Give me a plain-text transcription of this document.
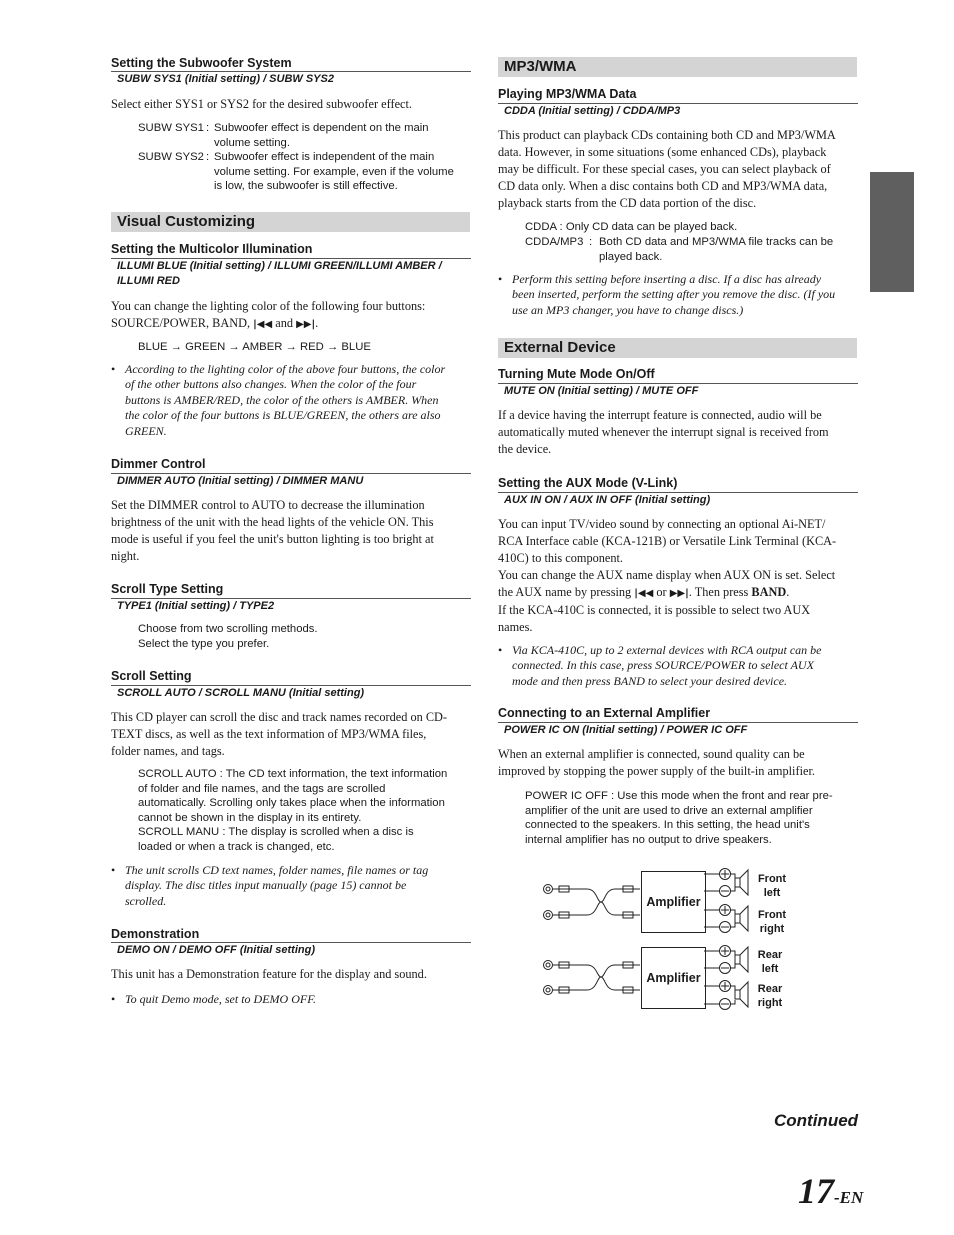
Setting the Subwoofer System
SUBW SYS1 (Initial setting) / SUBW SYS2
Select either SYS1 or SYS2 for the desired subwoofer effect.
SUBW SYS1 : Subwoofer effect is dependent on the main
volume setting.
SUBW SYS2 : Subwoofer effect is independent of the main
volume setting. For example, even if the volume
is low, the subwoofer is still effective.
Visual Customizing
Setting the Multicolor Illumination
ILLUMI BLUE (Initial setting) / ILLUMI GREEN/ILLUMI AMBER /
ILLUMI RED
You can change the lighting color of the following four buttons:
SOURCE/POWER, BAND, |◀◀ and ▶▶|.
BLUE → GREEN → AMBER → RED → BLUE
• According to the lighting color of the above four buttons, the color
of the other buttons also changes. When the color of the four
buttons is AMBER/RED, the color of the others is AMBER. When
the color of the four buttons is BLUE/GREEN, the others are also
GREEN.
Dimmer Control
DIMMER AUTO (Initial setting) / DIMMER MANU
Set the DIMMER control to AUTO to decrease the illumination
brightness of the unit with the head lights of the vehicle ON. This
mode is useful if you feel the unit's button lighting is too bright at
night.
Scroll Type Setting
TYPE1 (Initial setting) / TYPE2
Choose from two scrolling methods.
Select the type you prefer.
Scroll Setting
SCROLL AUTO / SCROLL MANU (Initial setting)
This CD player can scroll the disc and track names recorded on CD-
TEXT discs, as well as the text information of MP3/WMA files,
folder names, and tags.
SCROLL AUTO : The CD text information, the text information
of folder and file names, and the tags are scrolled
automatically. Scrolling only takes place when the information
cannot be shown in the display in its entirety.
SCROLL MANU : The display is scrolled when a disc is
loaded or when a track is changed, etc.
• The unit scrolls CD text names, folder names, file names or tag
display. The disc titles input manually (page 15) cannot be
scrolled.
Demonstration
DEMO ON / DEMO OFF (Initial setting)
This unit has a Demonstration feature for the display and sound.
• To quit Demo mode, set to DEMO OFF.
MP3/WMA
Playing MP3/WMA Data
CDDA (Initial setting) / CDDA/MP3
This product can playback CDs containing both CD and MP3/WMA
data. However, in some situations (some enhanced CDs), playback
may be difficult. For these special cases, you can select playback of
CD data only. When a disc contains both CD and MP3/WMA data,
playback starts from the CD data portion of the disc.
CDDA : Only CD data can be played back.
CDDA/MP3 : Both CD data and MP3/WMA file tracks can be
played back.
• Perform this setting before inserting a disc. If a disc has already
been inserted, perform the setting after you remove the disc. (If you
use an MP3 changer, you have to change discs.)
External Device
Turning Mute Mode On/Off
MUTE ON (Initial setting) / MUTE OFF
If a device having the interrupt feature is connected, audio will be
automatically muted whenever the interrupt signal is received from
the device.
Setting the AUX Mode (V-Link)
AUX IN ON / AUX IN OFF (Initial setting)
You can input TV/video sound by connecting an optional Ai-NET/
RCA Interface cable (KCA-121B) or Versatile Link Terminal (KCA-
410C) to this component.
You can change the AUX name display when AUX ON is set. Select
the AUX name by pressing |◀◀ or ▶▶|. Then press BAND.
If the KCA-410C is connected, it is possible to select two AUX
names.
• Via KCA-410C, up to 2 external devices with RCA output can be
connected. In this case, press SOURCE/POWER to select AUX
mode and then press BAND to select your desired device.
Connecting to an External Amplifier
POWER IC ON (Initial setting) / POWER IC OFF
When an external amplifier is connected, sound quality can be
improved by stopping the power supply of the built-in amplifier.
POWER IC OFF : Use this mode when the front and rear pre-
amplifier of the unit are used to drive an external amplifier
connected to the speakers. In this setting, the head unit's
internal amplifier has no output to drive speakers.
Amplifier
Amplifier
Front
left
Front
right
Rear
left
Rear
right
Continued
17-EN
